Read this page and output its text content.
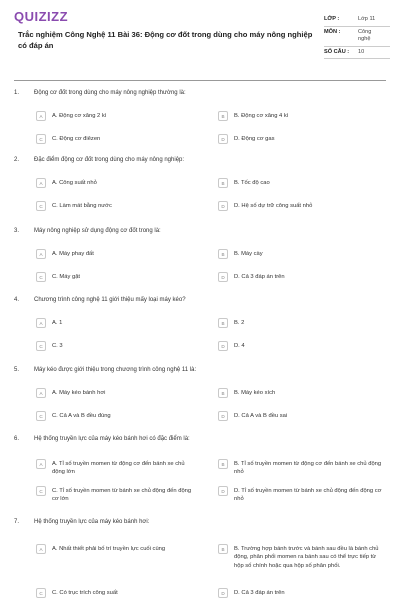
QUIZIZZ
Trắc nghiệm Công Nghệ 11 Bài 36: Động cơ đốt trong dùng cho máy nông nghiệp có đáp án
LỚP :	Lớp 11
MÔN :	Công nghệ
SỐ CÂU :	10
1.	Động cơ đốt trong dùng cho máy nông nghiệp thường là:
A	A. Động cơ xăng 2 kì	B	B. Động cơ xăng 4 kì
C	C. Động cơ điêzen	D	D. Động cơ gas
2.	Đặc điểm động cơ đốt trong dùng cho máy nông nghiệp:
A	A. Công suất nhỏ	B	B. Tốc độ cao
C	C. Làm mát bằng nước	D	D. Hệ số dự trữ công suất nhỏ
3.	Máy nông nghiệp sử dụng động cơ đốt trong là:
A	A. Máy phay đất	B	B. Máy cày
C	C. Máy gặt	D	D. Cả 3 đáp án trên
4.	Chương trình công nghệ 11 giới thiệu mấy loại máy kéo?
A	A. 1	B	B. 2
C	C. 3	D	D. 4
5.	Máy kéo được giới thiệu trong chương trình công nghệ 11 là:
A	A. Máy kéo bánh hơi	B	B. Máy kéo xích
C	C. Cả A và B đều đúng	D	D. Cả A và B đều sai
6.	Hệ thống truyền lực của máy kéo bánh hơi có đặc điểm là:
A	A. Tỉ số truyền momen từ động cơ đến bánh xe chủ động lớn
B	B. Tỉ số truyền momen từ động cơ đến bánh xe chủ động nhỏ
C	C. Tỉ số truyền momen từ bánh xe chủ động đến động cơ lớn
D	D. Tỉ số truyền momen từ bánh xe chủ động đến động cơ nhỏ
7.	Hệ thống truyền lực của máy kéo bánh hơi:
A	A. Nhất thiết phải bố trí truyền lực cuối cùng	B	B. Trường hợp bánh trước và bánh sau đều là bánh chủ động, phân phối momen ra bánh sau có thể trực tiếp từ hộp số chính hoặc qua hộp số phân phối.
C	C. Có trục trích công suất	D	D. Cả 3 đáp án trên
